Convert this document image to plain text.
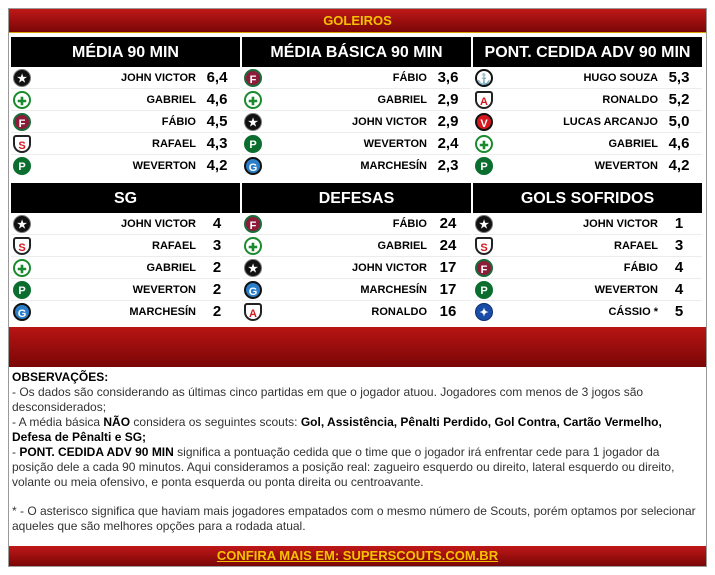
GOLEIROS
MÉDIA 90 MIN
★	JOHN VICTOR 6,4
✚	GABRIEL 4,6
F	FÁBIO 4,5
S	RAFAEL 4,3
P	WEVERTON 4,2
MÉDIA BÁSICA 90 MIN
F	FÁBIO 3,6
✚	GABRIEL 2,9
★	JOHN VICTOR 2,9
P	WEVERTON 2,4
G	MARCHESÍN 2,3
PONT. CEDIDA ADV 90 MIN
⚓	HUGO SOUZA 5,3
A	RONALDO 5,2
V	LUCAS ARCANJO 5,0
✚	GABRIEL 4,6
P	WEVERTON 4,2
SG
★	JOHN VICTOR	4
S	RAFAEL	3
✚	GABRIEL	2
P	WEVERTON	2
G	MARCHESÍN	2
DEFESAS
F	FÁBIO 24
✚	GABRIEL 24
★	JOHN VICTOR 17
G	MARCHESÍN 17
A	RONALDO 16
GOLS SOFRIDOS
★	JOHN VICTOR	1
S	RAFAEL	3
F	FÁBIO	4
P	WEVERTON	4
✦	CÁSSIO *	5

OBSERVAÇÕES:

- Os dados são considerando as últimas cinco partidas em que o jogador atuou. Jogadores com menos de 3 jogos são desconsiderados;

- A média básica NÃO considera os seguintes scouts: Gol, Assistência, Pênalti Perdido, Gol Contra, Cartão Vermelho, Defesa de Pênalti e SG;

- PONT. CEDIDA ADV 90 MIN significa a pontuação cedida que o time que o jogador irá enfrentar cede para 1 jogador da posição dele a cada 90 minutos. Aqui consideramos a posição real: zagueiro esquerdo ou direito, lateral esquerdo ou direito, volante ou meia ofensivo, e ponta esquerda ou ponta direita ou centroavante.

* - O asterisco significa que haviam mais jogadores empatados com o mesmo número de Scouts, porém optamos por selecionar aqueles que são melhores opções para a rodada atual.

CONFIRA MAIS EM: SUPERSCOUTS.COM.BR
